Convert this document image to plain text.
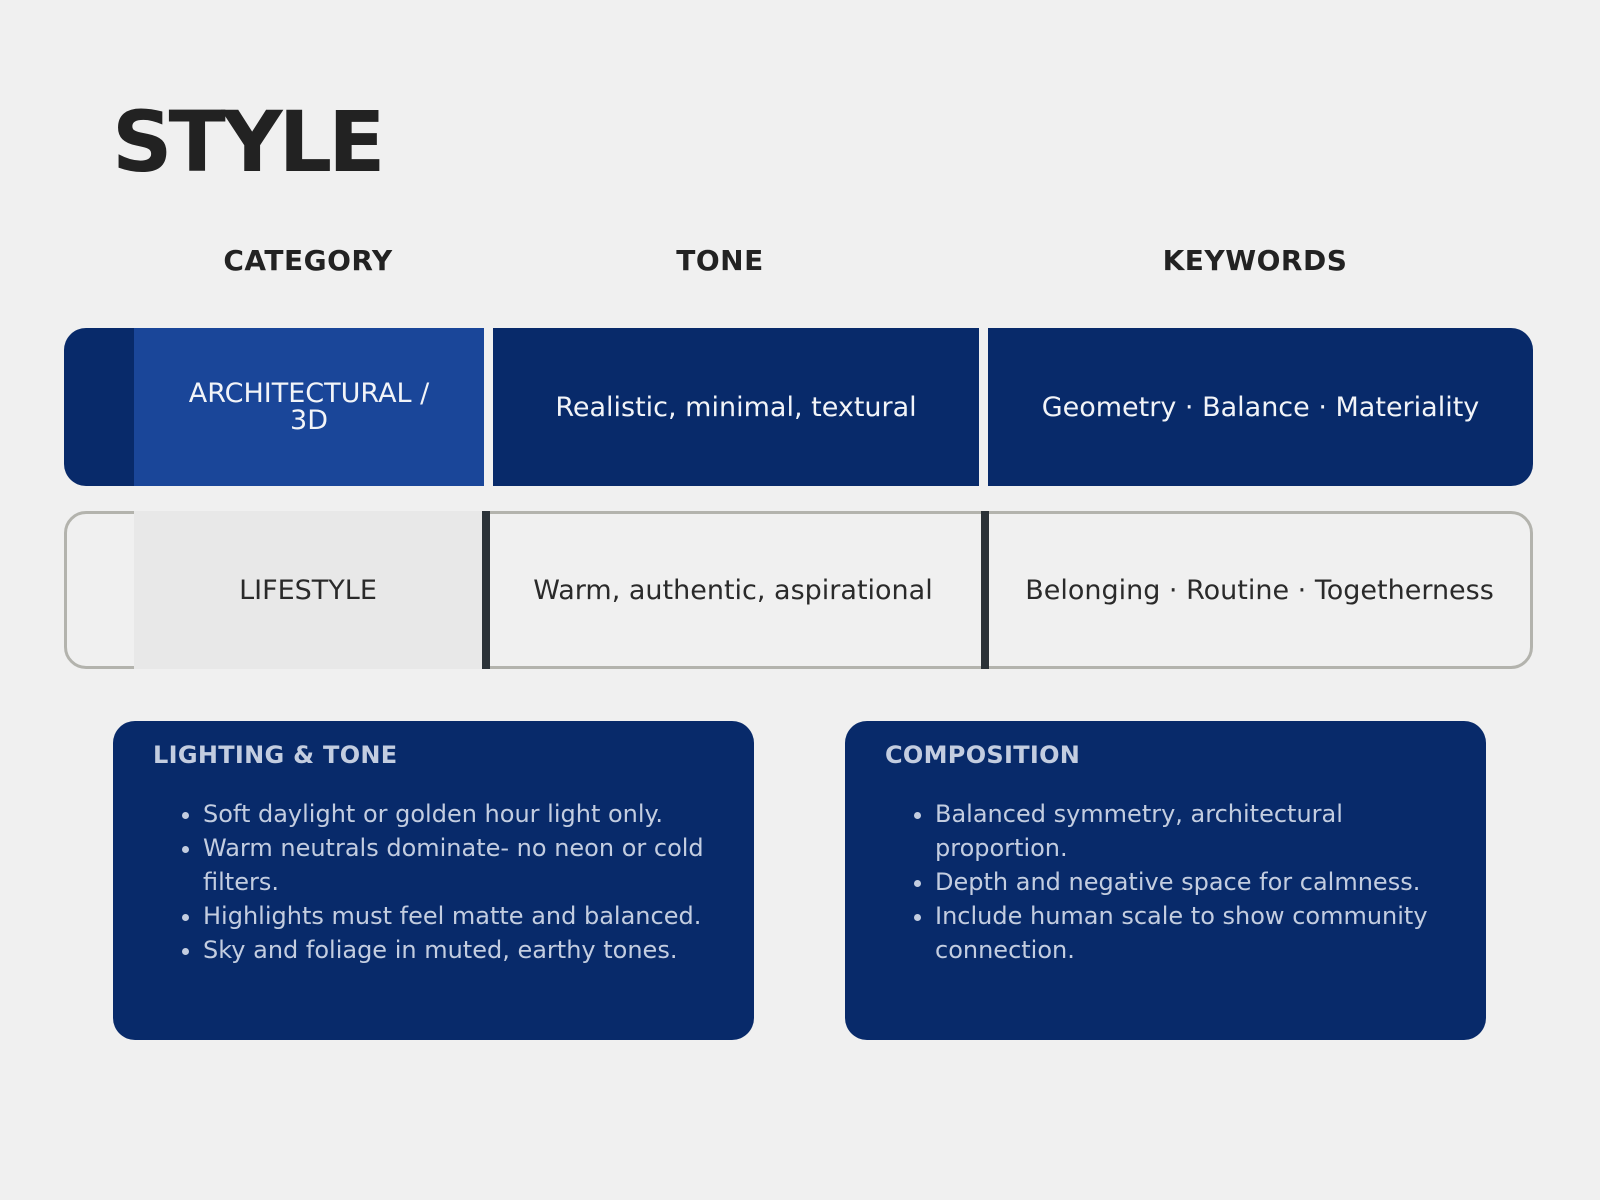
STYLE
CATEGORY	TONE	KEYWORDS
ARCHITECTURAL / 3D	Realistic, minimal, textural	Geometry · Balance · Materiality
LIFESTYLE	Warm, authentic, aspirational	Belonging · Routine · Togetherness
LIGHTING & TONE
• Soft daylight or golden hour light only.
• Warm neutrals dominate- no neon or cold filters.
• Highlights must feel matte and balanced.
• Sky and foliage in muted, earthy tones.
COMPOSITION
• Balanced symmetry, architectural proportion.
• Depth and negative space for calmness.
• Include human scale to show community connection.
